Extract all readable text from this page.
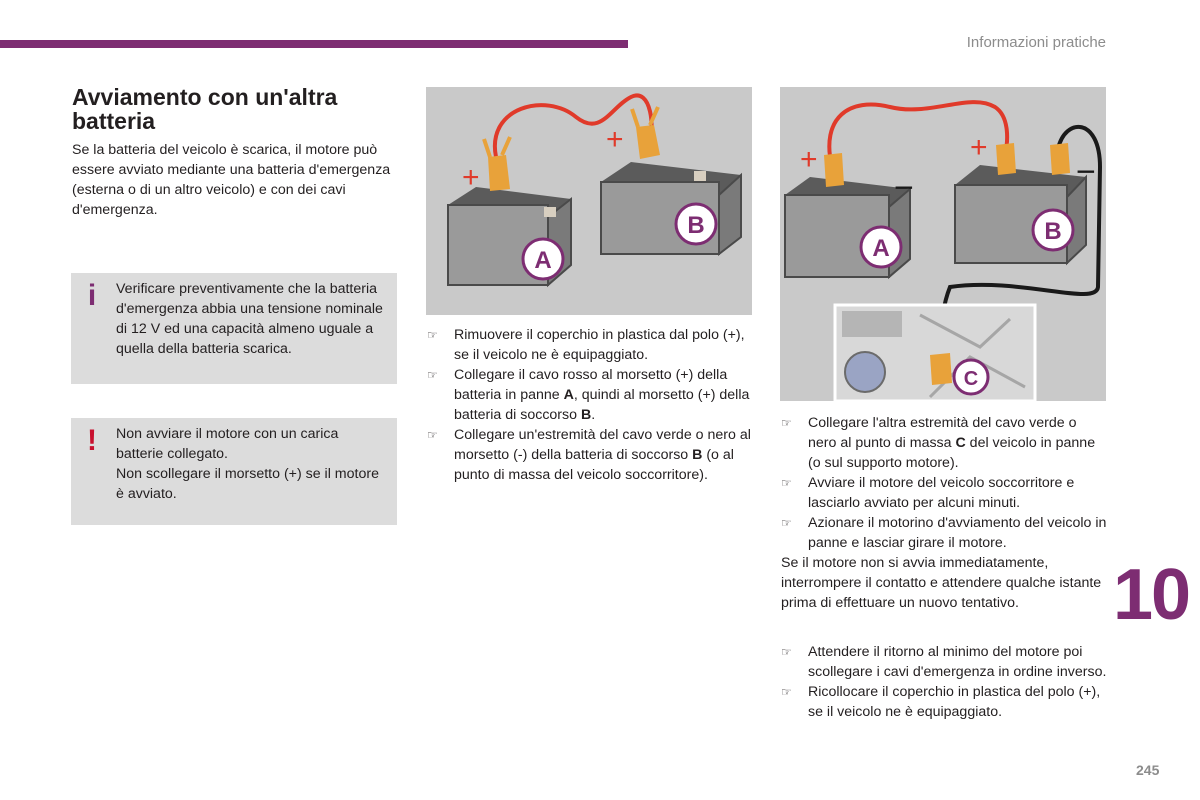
Informazioni pratiche
Avviamento con un'altra batteria

Se la batteria del veicolo è scarica, il motore può essere avviato mediante una batteria d'emergenza (esterna o di un altro veicolo) e con dei cavi d'emergenza.

i	Verificare preventivamente che la batteria d'emergenza abbia una tensione nominale di 12 V ed una capacità almeno uguale a quella della batteria scarica.

! Non avviare il motore con un carica batterie collegato.

Non scollegare il morsetto (+) se il motore è avviato.

B
+
A
+
B
A
+	+
−	−
C

☞ Rimuovere il coperchio in plastica dal polo (+), se il veicolo ne è equipaggiato.

☞ Collegare il cavo rosso al morsetto (+) della batteria in panne A, quindi al morsetto (+) della batteria di soccorso B.

☞ Collegare un'estremità del cavo verde o nero al morsetto (-) della batteria di soccorso B (o al punto di massa del veicolo soccorritore).

☞ Collegare l'altra estremità del cavo verde o nero al punto di massa C del veicolo in panne (o sul supporto motore).

☞ Avviare il motore del veicolo soccorritore e lasciarlo avviato per alcuni minuti.

☞ Azionare il motorino d'avviamento del veicolo in panne e lasciar girare il motore.

Se il motore non si avvia immediatamente, interrompere il contatto e attendere qualche istante prima di effettuare un nuovo tentativo.

☞ Attendere il ritorno al minimo del motore poi scollegare i cavi d'emergenza in ordine inverso.

☞ Ricollocare il coperchio in plastica del polo (+), se il veicolo ne è equipaggiato.

10
245
